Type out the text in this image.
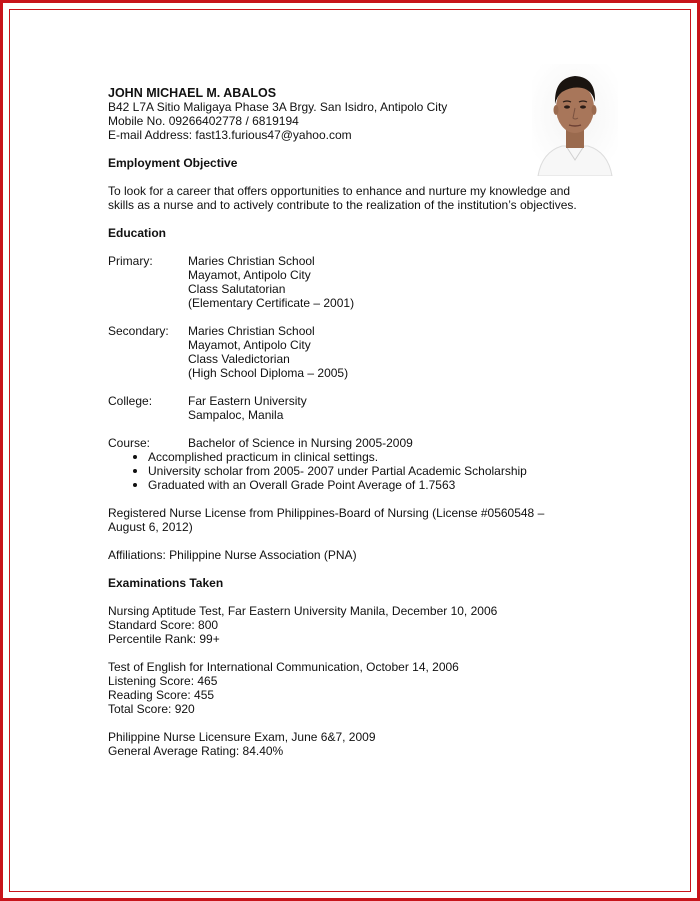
JOHN MICHAEL M. ABALOS
B42 L7A Sitio Maligaya Phase 3A Brgy. San Isidro, Antipolo City
Mobile No. 09266402778 / 6819194
E-mail Address: fast13.furious47@yahoo.com
Employment Objective
To look for a career that offers opportunities to enhance and nurture my knowledge and
skills as a nurse and to actively contribute to the realization of the institution’s objectives.
Education
Primary:	Maries Christian School
Mayamot, Antipolo City
Class Salutatorian
(Elementary Certificate – 2001)
Secondary:	Maries Christian School
Mayamot, Antipolo City
Class Valedictorian
(High School Diploma – 2005)
College:	Far Eastern University
Sampaloc, Manila
Course:	Bachelor of Science in Nursing 2005-2009
Accomplished practicum in clinical settings.
University scholar from 2005- 2007 under Partial Academic Scholarship
Graduated with an Overall Grade Point Average of 1.7563
Registered Nurse License from Philippines-Board of Nursing (License #0560548 –
August 6, 2012)
Affiliations: Philippine Nurse Association (PNA)
Examinations Taken
Nursing Aptitude Test, Far Eastern University Manila, December 10, 2006
Standard Score: 800
Percentile Rank: 99+
Test of English for International Communication, October 14, 2006
Listening Score: 465
Reading Score: 455
Total Score: 920
Philippine Nurse Licensure Exam, June 6&7, 2009
General Average Rating: 84.40%
